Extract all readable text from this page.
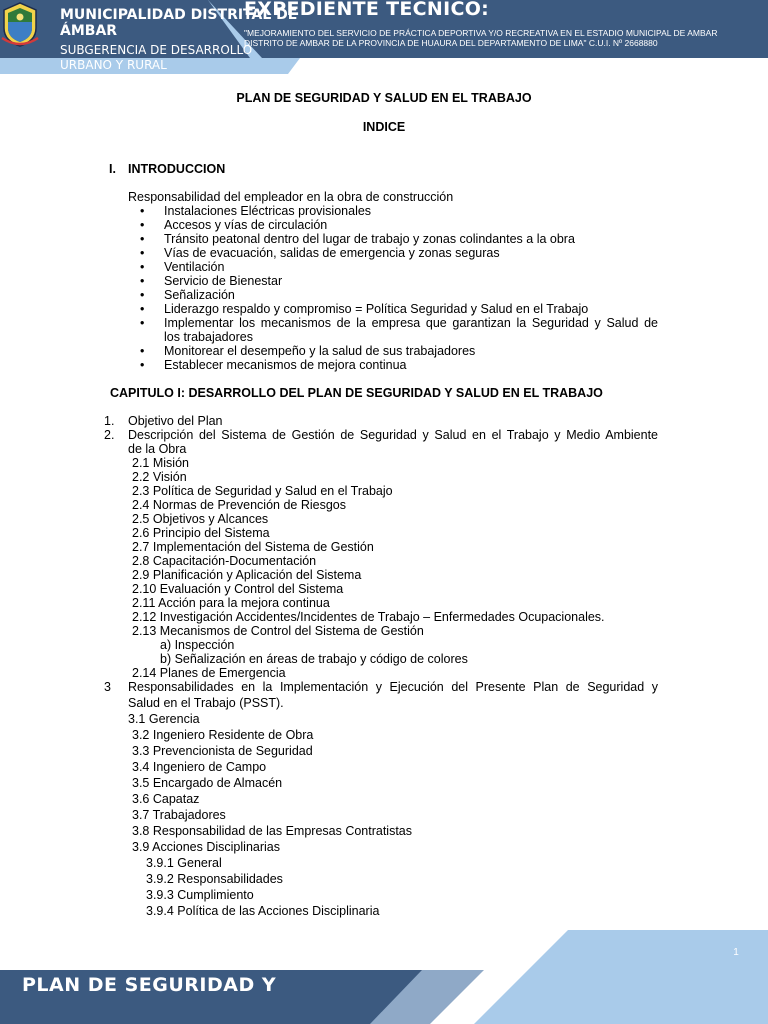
MUNICIPALIDAD DISTRITAL DE ÁMBAR

SUBGERENCIA DE DESARROLLO URBANO Y RURAL

EXPEDIENTE TECNICO:

"MEJORAMIENTO DEL SERVICIO DE PRÁCTICA DEPORTIVA Y/O RECREATIVA EN EL ESTADIO MUNICIPAL DE AMBAR DISTRITO DE AMBAR DE LA PROVINCIA DE HUAURA DEL DEPARTAMENTO DE LIMA" C.U.I. Nº 2668880

PLAN DE SEGURIDAD Y SALUD EN EL TRABAJO

INDICE

I. INTRODUCCION

Responsabilidad del empleador en la obra de construcción

• Instalaciones Eléctricas provisionales

• Accesos y vías de circulación

• Tránsito peatonal dentro del lugar de trabajo y zonas colindantes a la obra

• Vías de evacuación, salidas de emergencia y zonas seguras

• Ventilación

• Servicio de Bienestar

• Señalización

• Liderazgo respaldo y compromiso = Política Seguridad y Salud en el Trabajo

• Implementar los mecanismos de la empresa que garantizan la Seguridad y Salud de

los trabajadores

• Monitorear el desempeño y la salud de sus trabajadores

• Establecer mecanismos de mejora continua

CAPITULO I: DESARROLLO DEL PLAN DE SEGURIDAD Y SALUD EN EL TRABAJO

1. Objetivo del Plan

2. Descripción del Sistema de Gestión de Seguridad y Salud en el Trabajo y Medio Ambiente

de la Obra

2.1 Misión

2.2 Visión

2.3 Política de Seguridad y Salud en el Trabajo

2.4 Normas de Prevención de Riesgos

2.5 Objetivos y Alcances

2.6 Principio del Sistema

2.7 Implementación del Sistema de Gestión

2.8 Capacitación-Documentación

2.9 Planificación y Aplicación del Sistema

2.10 Evaluación y Control del Sistema

2.11 Acción para la mejora continua

2.12 Investigación Accidentes/Incidentes de Trabajo – Enfermedades Ocupacionales.

2.13 Mecanismos de Control del Sistema de Gestión

a) Inspección

b) Señalización en áreas de trabajo y código de colores

2.14 Planes de Emergencia

3 Responsabilidades en la Implementación y Ejecución del Presente Plan de Seguridad y

Salud en el Trabajo (PSST).

3.1 Gerencia

3.2 Ingeniero Residente de Obra

3.3 Prevencionista de Seguridad

3.4 Ingeniero de Campo

3.5 Encargado de Almacén

3.6 Capataz

3.7 Trabajadores

3.8 Responsabilidad de las Empresas Contratistas

3.9 Acciones Disciplinarias

3.9.1 General

3.9.2 Responsabilidades

3.9.3 Cumplimiento

3.9.4 Política de las Acciones Disciplinaria

1

PLAN DE SEGURIDAD Y
